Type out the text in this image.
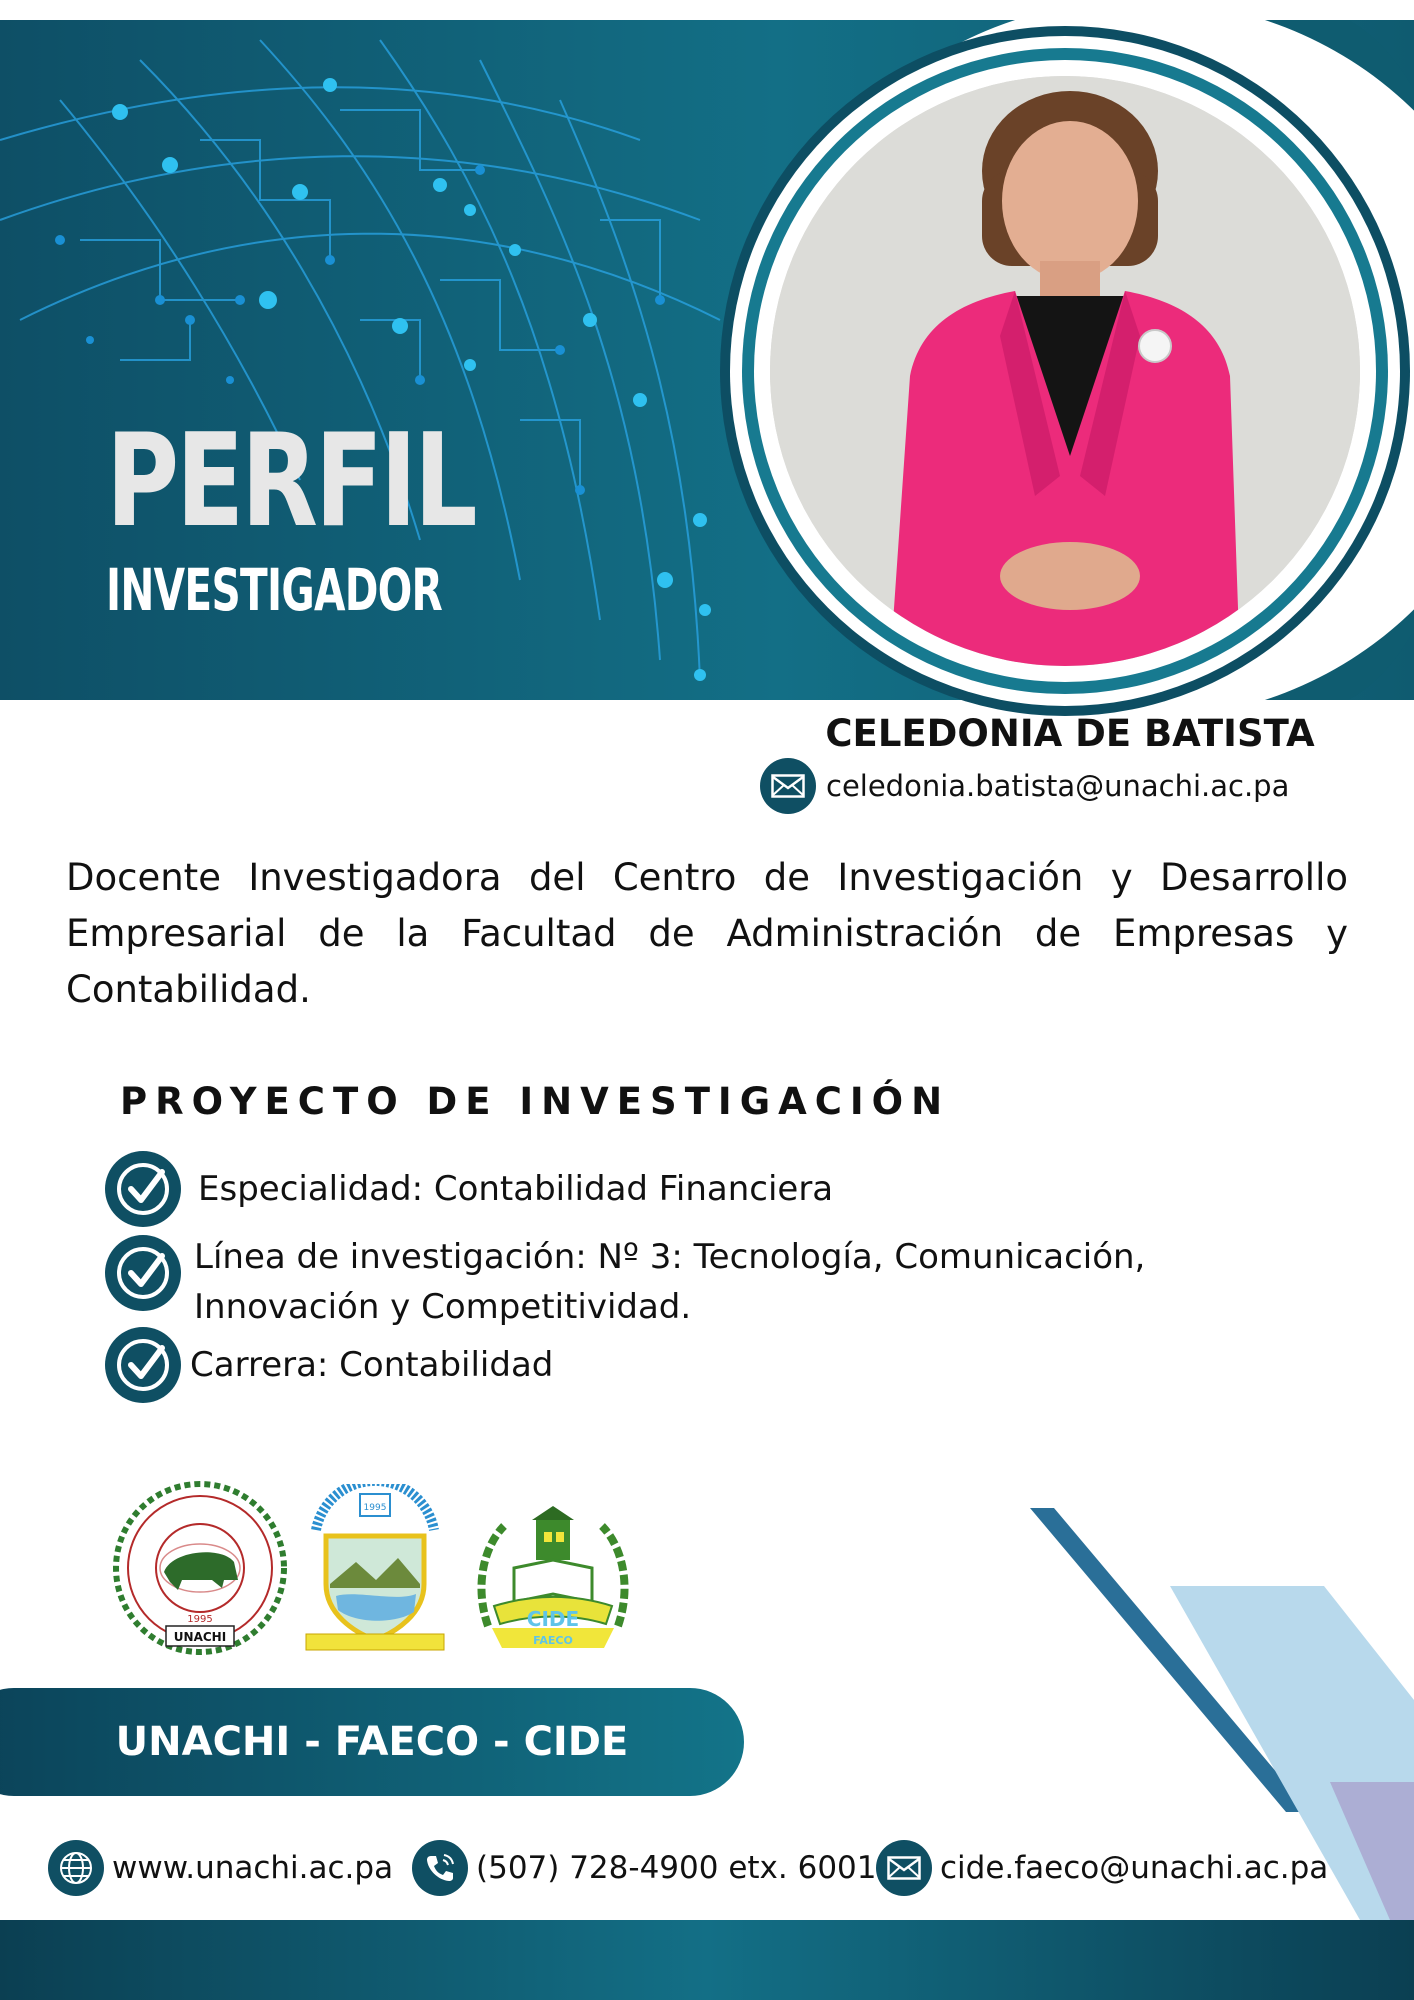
PERFIL
INVESTIGADOR
CELEDONIA DE BATISTA
celedonia.batista@unachi.ac.pa
Docente Investigadora del Centro de Investigación y Desarrollo Empresarial de la Facultad de Administración de Empresas y Contabilidad.
PROYECTO DE INVESTIGACIÓN
Especialidad: Contabilidad Financiera
Línea de investigación: Nº 3: Tecnología, Comunicación,
Innovación y Competitividad.
Carrera: Contabilidad
UNACHI
1995
1995
CIDE
FAECO
UNACHI - FAECO - CIDE
www.unachi.ac.pa	(507) 728-4900 etx. 6001 cide.faeco@unachi.ac.pa
